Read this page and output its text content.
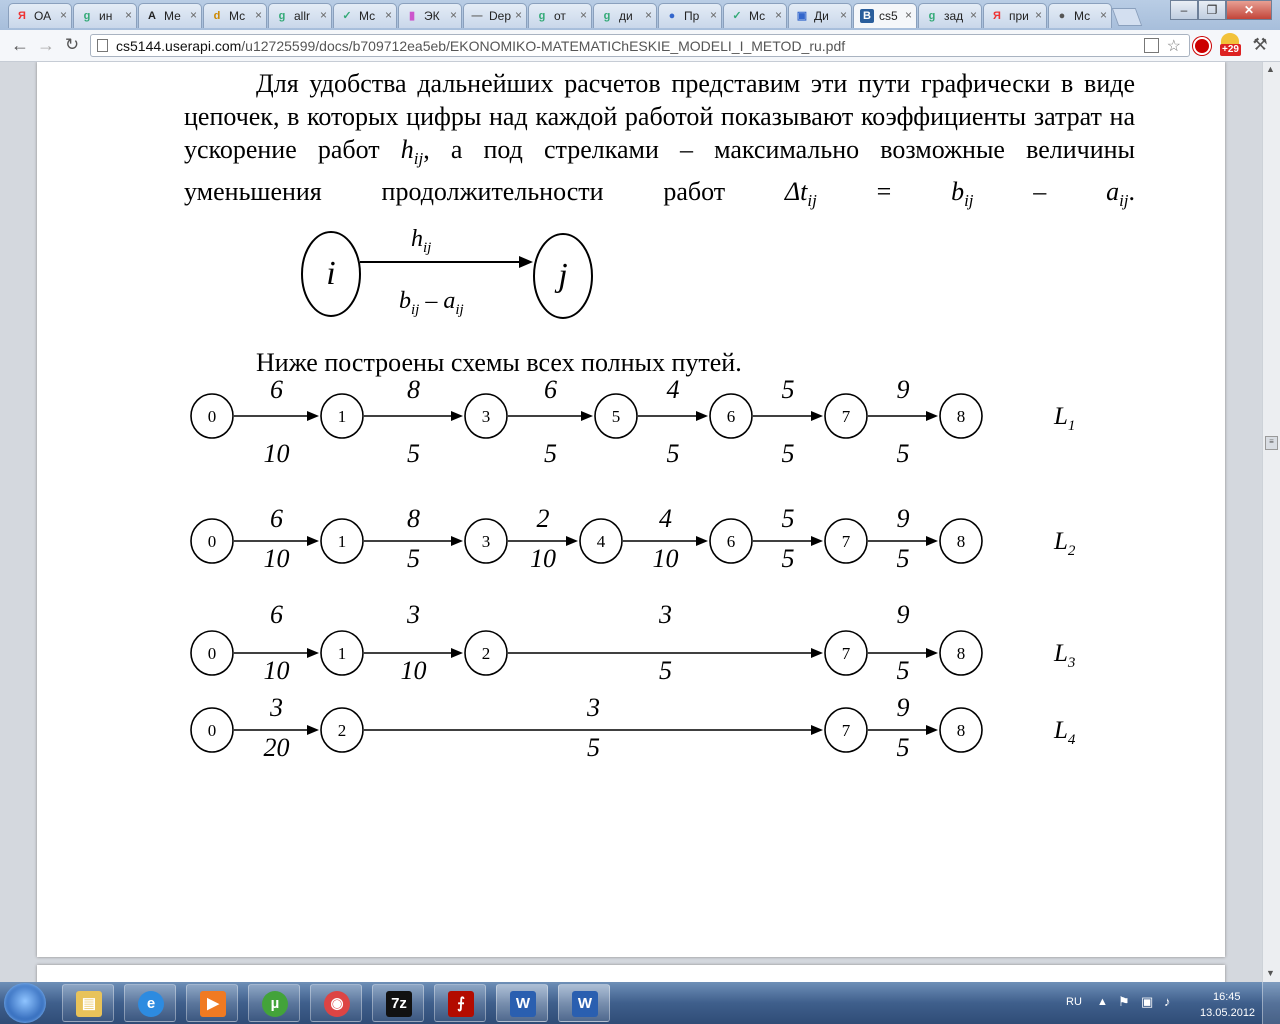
Я ОА ×	g ин	× A Ме ×	d Мс ×	g allr × ✓ Мс ×	▮ ЭК × — Dep ×	g от	×	g ди	×	● Пр × ✓ Мс × ▣ Ди × B cs5 ×	g зад × Я при ×	● Мс ×	–	❐	✕
← → ↻	cs5144.userapi.com/u12725599/docs/b709712ea5eb/EKONOMIKO-MATEMATIChESKIE_MODELI_I_METOD_ru.pdf	☆	⚒
+29
Для удобства дальнейших расчетов представим эти пути графически в виде цепочек, в которых цифры над каждой работой показывают коэффициенты затрат на ускорение работ $h_{ij}$, а под стрелками – максимально возможные величины уменьшения продолжительности работ $\Delta t_{ij} = b_{ij} - a_{ij}$.
i	j
$h_{ij}$
$b_{ij} - a_{ij}$
Ниже построены схемы всех полных путей.
6
10
8
5
6
5
4
5
5
5
9
5
0	1	3	5	6	7	8	$L_1$
6
10
8
5
2
10
4
10
5
5
9
5
0	1	3	4	6	7	8	$L_2$
6
10
3
10
3
5
9
5
0	1	2	7	8	$L_3$
3
20
3
5
9
5
0	2	7	8	$L_4$
▲
≡
▼
RU ▲ ⚑ ▣ ♪	16:45
13.05.2012
▤	e	▶	µ	◉	7z	⨍	W	W
